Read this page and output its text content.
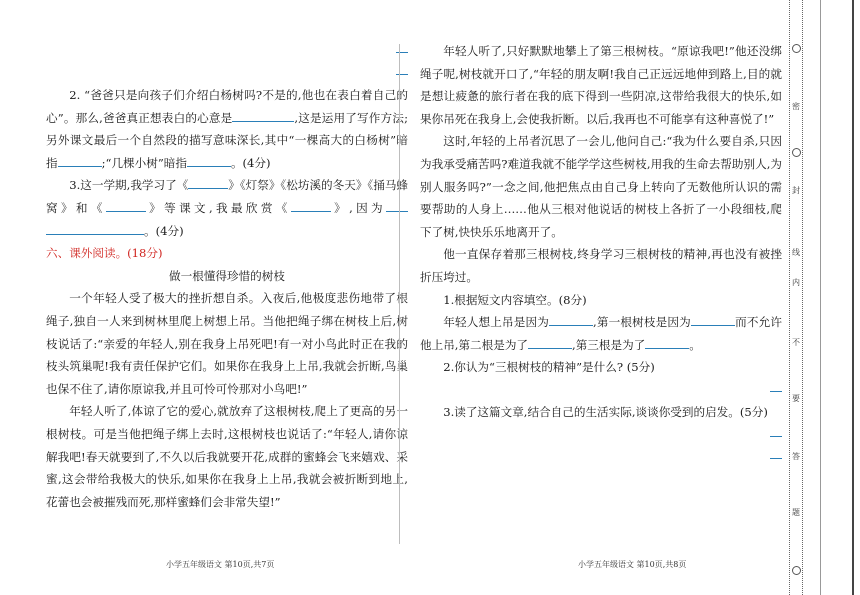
2. “爸爸只是向孩子们介绍白杨树吗?不是的,他也在表白着自己的心”。那么,爸爸真正想表白的心意是	,这是运用了写作方法;另外课文最后一个自然段的描写意味深长,其中“一棵高大的白杨树”暗指	;“几棵小树”暗指	。(4分)

3.这一学期,我学习了《	》《灯祭》《松坊溪的冬天》《捅马蜂窝》和《	》等课文,我最欣赏《	》,因为。(4分)

六、课外阅读。(18分)

做一根懂得珍惜的树枝

一个年轻人受了极大的挫折想自杀。入夜后,他极度悲伤地带了根绳子,独自一人来到树林里爬上树想上吊。当他把绳子绑在树枝上后,树枝说话了:“亲爱的年轻人,别在我身上吊死吧!有一对小鸟此时正在我的枝头筑巢呢!我有责任保护它们。如果你在我身上上吊,我就会折断,鸟巢也保不住了,请你原谅我,并且可怜可怜那对小鸟吧!”

年轻人听了,体谅了它的爱心,就放弃了这根树枝,爬上了更高的另一根树枝。可是当他把绳子绑上去时,这根树枝也说话了:“年轻人,请你谅解我吧!春天就要到了,不久以后我就要开花,成群的蜜蜂会飞来嬉戏、采蜜,这会带给我极大的快乐,如果你在我身上上吊,我就会被折断到地上,花蕾也会被摧残而死,那样蜜蜂们会非常失望!”

年轻人听了,只好默默地攀上了第三根树枝。“原谅我吧!”他还没绑绳子呢,树枝就开口了,“年轻的朋友啊!我自己正远远地伸到路上,目的就是想让疲惫的旅行者在我的底下得到一些阴凉,这带给我很大的快乐,如果你吊死在我身上,会使我折断。以后,我再也不可能享有这种喜悦了!”

这时,年轻的上吊者沉思了一会儿,他问自己:“我为什么要自杀,只因为我承受痛苦吗?难道我就不能学学这些树枝,用我的生命去帮助别人,为别人服务吗?”一念之间,他把焦点由自己身上转向了无数他所认识的需要帮助的人身上……他从三根对他说话的树枝上各折了一小段细枝,爬下了树,快快乐乐地离开了。

他一直保存着那三根树枝,终身学习三根树枝的精神,再也没有被挫折压垮过。

1.根据短文内容填空。(8分)

年轻人想上吊是因为	,第一根树枝是因为	而不允许他上吊,第二根是为了	,第三根是为了	。

2.你认为“三根树枝的精神”是什么? (5分)

3.读了这篇文章,结合自己的生活实际,谈谈你受到的启发。(5分)

小学五年级语文 第10页,共7页	小学五年级语文 第10页,共8页
密
封
线
内
不
要
答
题
